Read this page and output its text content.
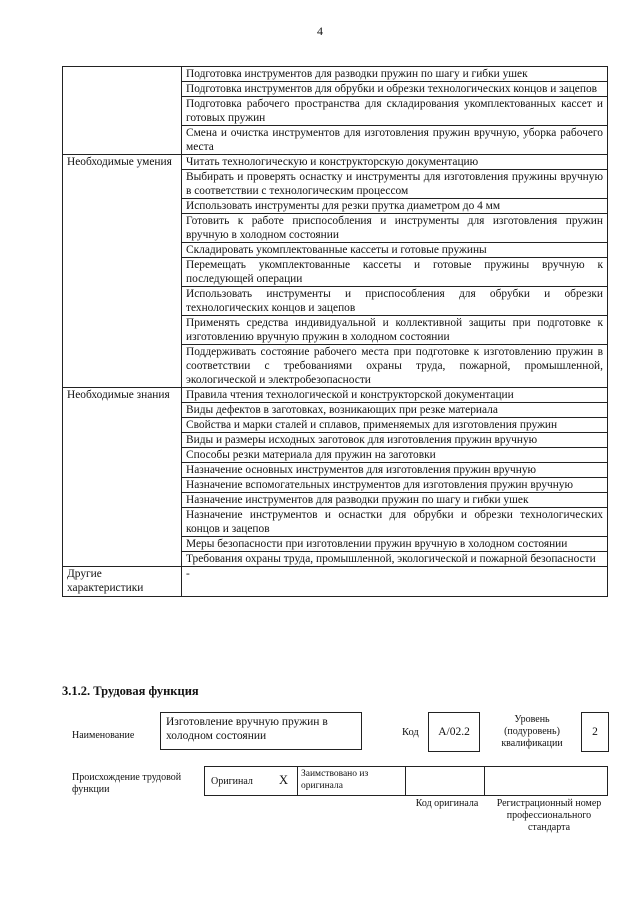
4
	Подготовка инструментов для разводки пружин по шагу и гибки ушек
	Подготовка инструментов для обрубки и обрезки технологических концов и зацепов
	Подготовка рабочего пространства для складирования укомплектованных кассет и готовых пружин
	Смена и очистка инструментов для изготовления пружин вручную, уборка рабочего места
Необходимые умения	Читать технологическую и конструкторскую документацию
	Выбирать и проверять оснастку и инструменты для изготовления пружины вручную в соответствии с технологическим процессом
	Использовать инструменты для резки прутка диаметром до 4 мм
	Готовить к работе приспособления и инструменты для изготовления пружин вручную в холодном состоянии
	Складировать укомплектованные кассеты и готовые пружины
	Перемещать укомплектованные кассеты и готовые пружины вручную к последующей операции
	Использовать инструменты и приспособления для обрубки и обрезки технологических концов и зацепов
	Применять средства индивидуальной и коллективной защиты при подготовке к изготовлению вручную пружин в холодном состоянии
	Поддерживать состояние рабочего места при подготовке к изготовлению пружин в соответствии с требованиями охраны труда, пожарной, промышленной, экологической и электробезопасности
Необходимые знания	Правила чтения технологической и конструкторской документации
	Виды дефектов в заготовках, возникающих при резке материала
	Свойства и марки сталей и сплавов, применяемых для изготовления пружин
	Виды и размеры исходных заготовок для изготовления пружин вручную
	Способы резки материала для пружин на заготовки
	Назначение основных инструментов для изготовления пружин вручную
	Назначение вспомогательных инструментов для изготовления пружин вручную
	Назначение инструментов для разводки пружин по шагу и гибки ушек
	Назначение инструментов и оснастки для обрубки и обрезки технологических концов и зацепов
	Меры безопасности при изготовлении пружин вручную в холодном состоянии
	Требования охраны труда, промышленной, экологической и пожарной безопасности
Другие характеристики	-
3.1.2. Трудовая функция
Наименование
Изготовление вручную пружин в холодном состоянии	Код	А/02.2
Уровень (подуровень) квалификации
2
Происхождение трудовой функции
Оригинал X Заимствовано из оригинала
Код оригинала	Регистрационный номер профессионального стандарта
